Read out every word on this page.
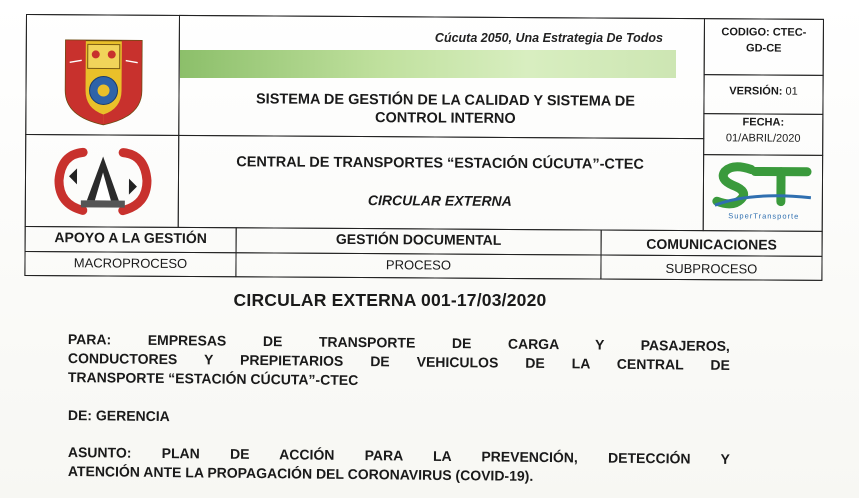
SuperTransporte
CODIGO: CTEC-
GD-CE
VERSIÓN: 01
FECHA:
01/ABRIL/2020
SISTEMA DE GESTIÓN DE LA CALIDAD Y SISTEMA DE
CONTROL INTERNO
CENTRAL DE TRANSPORTES “ESTACIÓN CÚCUTA”-CTEC
CIRCULAR EXTERNA
APOYO A LA GESTIÓN
MACROPROCESO
GESTIÓN DOCUMENTAL
PROCESO
COMUNICACIONES
SUBPROCESO
Cúcuta 2050, Una Estrategia De Todos
CIRCULAR EXTERNA 001-17/03/2020
PARA: EMPRESAS DE TRANSPORTE DE CARGA Y PASAJEROS,
CONDUCTORES Y PREPIETARIOS DE VEHICULOS DE LA CENTRAL DE
TRANSPORTE “ESTACIÓN CÚCUTA”-CTEC
DE: GERENCIA
ASUNTO: PLAN DE ACCIÓN PARA LA PREVENCIÓN, DETECCIÓN Y
ATENCIÓN ANTE LA PROPAGACIÓN DEL CORONAVIRUS (COVID-19).
